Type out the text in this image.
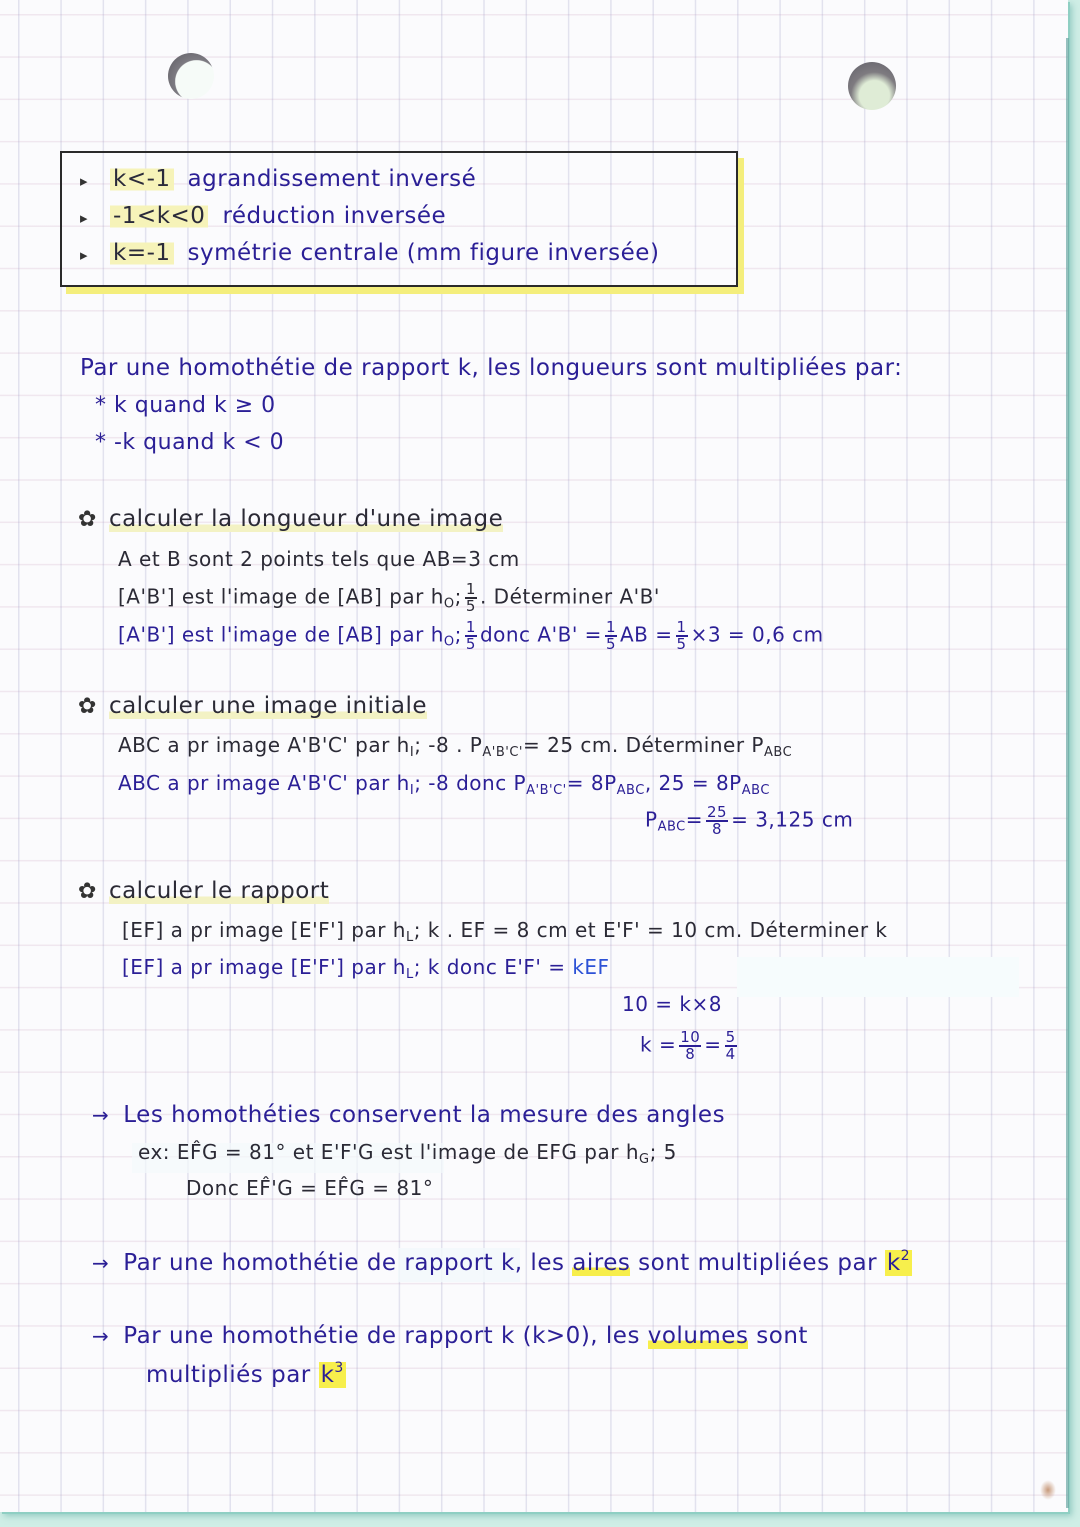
▸ k<-1 agrandissement inversé
▸ -1<k<0 réduction inversée
▸ k=-1 symétrie centrale (mm figure inversée)
Par une homothétie de rapport k, les longueurs sont multipliées par:
* k quand k ≥ 0
* -k quand k < 0
✿ calculer la longueur d'une image
A et B sont 2 points tels que AB=3 cm
[A'B'] est l'image de [AB] par $h_O$; $\frac{1}{5}$ . Déterminer A'B'
[A'B'] est l'image de [AB] par $h_O$; $\frac{1}{5}$ donc $A'B' = \frac{1}{5}$ AB = $\frac{1}{5} \times 3 = 0,6$ cm
✿ calculer une image initiale
ABC a pr image A'B'C' par $h_I$; -8 . $P_{A'B'C'}= 25$ cm. Déterminer $P_{ABC}$
ABC a pr image A'B'C' par $h_I$; -8 donc $P_{A'B'C'}= 8P_{ABC}$, $25 = 8P_{ABC}$
$P_{ABC}= \frac{25}{8} = 3,125$ cm
✿ calculer le rapport
[EF] a pr image [E'F'] par $h_L$; k . EF = 8 cm et E'F' = 10 cm. Déterminer k
[EF] a pr image [E'F'] par $h_L$; k donc E'F' = kEF
10 = k×8
$k = \frac{10}{8} = \frac{5}{4}$
→ Les homothéties conservent la mesure des angles
ex: EF̂G = 81° et E'F'G est l'image de EFG par $h_G$; 5
Donc EF̂'G = EF̂G = 81°
→ Par une homothétie de rapport k, les aires sont multipliées par $k^2$
→ Par une homothétie de rapport k (k>0), les volumes sont
multipliés par $k^3$
